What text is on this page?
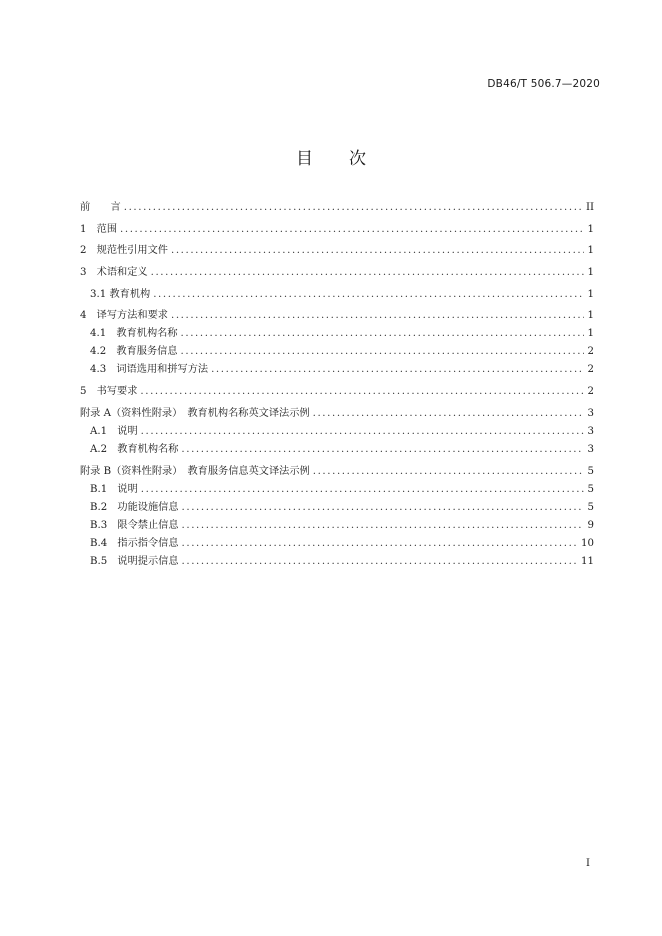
DB46/T 506.7—2020
目 次
前　　言 .....	II
1　范围 .....	1
2　规范性引用文件 .....	1
3　术语和定义 .....	1
3.1 教育机构 .....	1
4　译写方法和要求 .....	1
4.1　教育机构名称 .....	1
4.2　教育服务信息 .....	2
4.3　词语选用和拼写方法 .....	2
5　书写要求 .....	2
附录 A（资料性附录）　教育机构名称英文译法示例 .....	3
A.1　说明 .....	3
A.2　教育机构名称 .....	3
附录 B（资料性附录）　教育服务信息英文译法示例 .....	5
B.1　说明 .....	5
B.2　功能设施信息 .....	5
B.3　限令禁止信息 .....	9
B.4　指示指令信息 .....	10
B.5　说明提示信息 .....	11
I
